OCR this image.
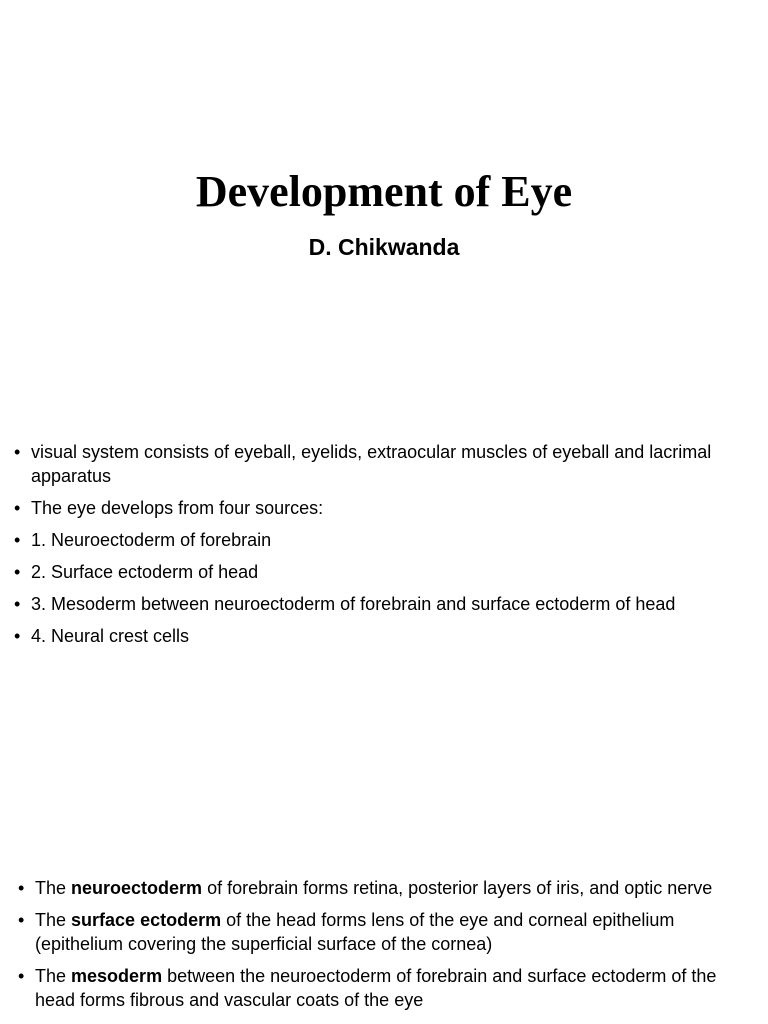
Development of Eye
D. Chikwanda
• visual system consists of eyeball, eyelids, extraocular muscles of eyeball and lacrimal apparatus
• The eye develops from four sources:
• 1. Neuroectoderm of forebrain
• 2. Surface ectoderm of head
• 3. Mesoderm between neuroectoderm of forebrain and surface ectoderm of head
• 4. Neural crest cells
• The neuroectoderm of forebrain forms retina, posterior layers of iris, and optic nerve
• The surface ectoderm of the head forms lens of the eye and corneal epithelium (epithelium covering the superficial surface of the cornea)
• The mesoderm between the neuroectoderm of forebrain and surface ectoderm of the head forms fibrous and vascular coats of the eye
